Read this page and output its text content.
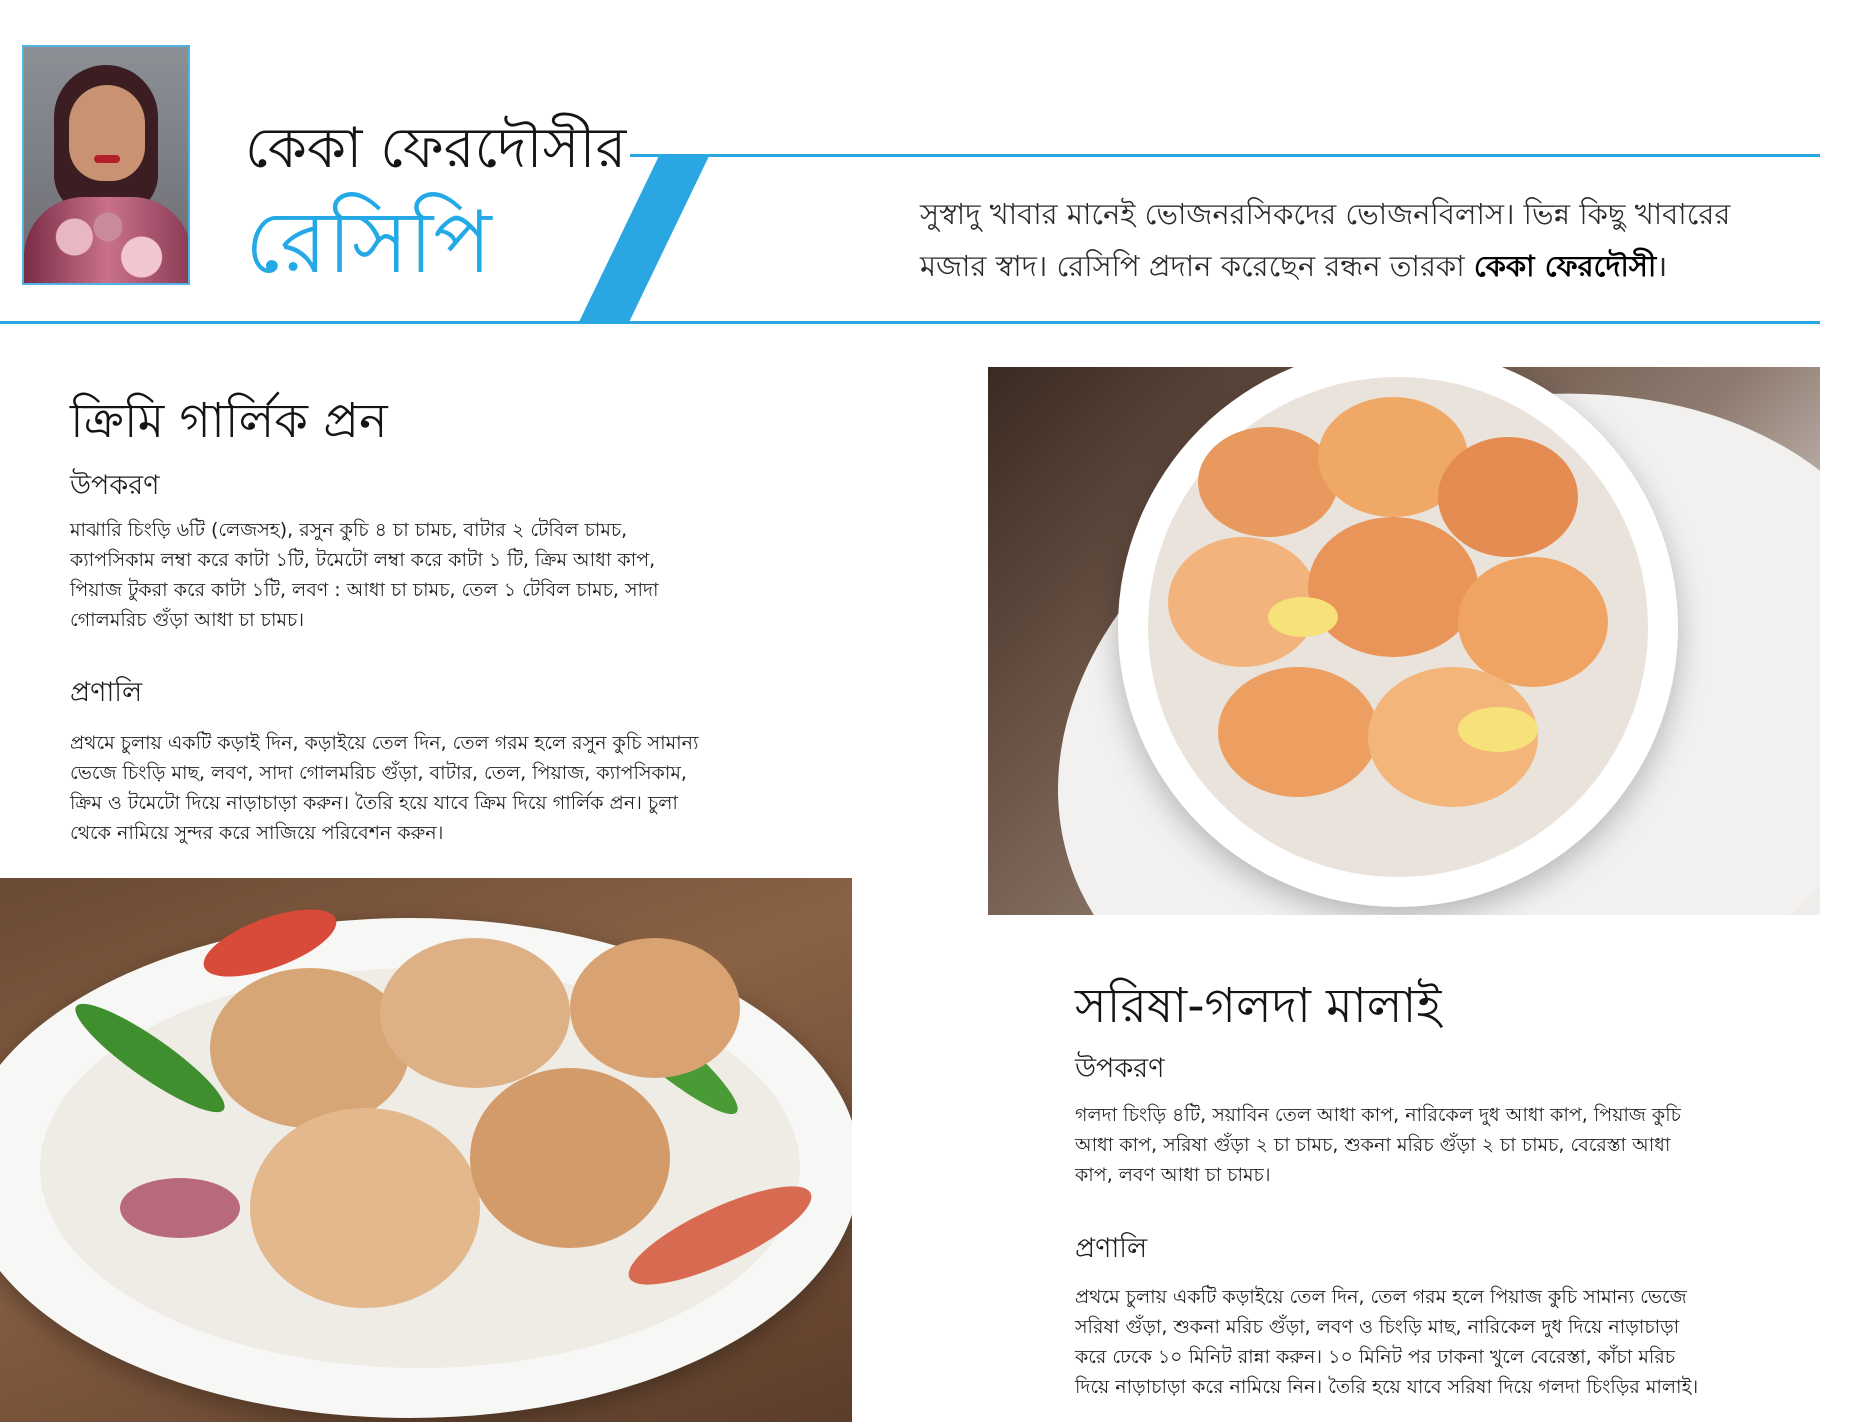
কেকা ফেরদৌসীর
রেসিপি	সুস্বাদু খাবার মানেই ভোজনরসিকদের ভোজনবিলাস। ভিন্ন কিছু খাবারের মজার স্বাদ। রেসিপি প্রদান করেছেন রন্ধন তারকা কেকা ফেরদৌসী।
ক্রিমি গার্লিক প্রন
উপকরণ
মাঝারি চিংড়ি ৬টি (লেজসহ), রসুন কুচি ৪ চা চামচ, বাটার ২ টেবিল চামচ, ক্যাপসিকাম লম্বা করে কাটা ১টি, টমেটো লম্বা করে কাটা ১ টি, ক্রিম আধা কাপ, পিয়াজ টুকরা করে কাটা ১টি, লবণ : আধা চা চামচ, তেল ১ টেবিল চামচ, সাদা গোলমরিচ গুঁড়া আধা চা চামচ।
প্রণালি
প্রথমে চুলায় একটি কড়াই দিন, কড়াইয়ে তেল দিন, তেল গরম হলে রসুন কুচি সামান্য ভেজে চিংড়ি মাছ, লবণ, সাদা গোলমরিচ গুঁড়া, বাটার, তেল, পিয়াজ, ক্যাপসিকাম, ক্রিম ও টমেটো দিয়ে নাড়াচাড়া করুন। তৈরি হয়ে যাবে ক্রিম দিয়ে গার্লিক প্রন। চুলা থেকে নামিয়ে সুন্দর করে সাজিয়ে পরিবেশন করুন।
সরিষা-গলদা মালাই
উপকরণ
গলদা চিংড়ি ৪টি, সয়াবিন তেল আধা কাপ, নারিকেল দুধ আধা কাপ, পিয়াজ কুচি আধা কাপ, সরিষা গুঁড়া ২ চা চামচ, শুকনা মরিচ গুঁড়া ২ চা চামচ, বেরেস্তা আধা কাপ, লবণ আধা চা চামচ।
প্রণালি
প্রথমে চুলায় একটি কড়াইয়ে তেল দিন, তেল গরম হলে পিয়াজ কুচি সামান্য ভেজে সরিষা গুঁড়া, শুকনা মরিচ গুঁড়া, লবণ ও চিংড়ি মাছ, নারিকেল দুধ দিয়ে নাড়াচাড়া করে ঢেকে ১০ মিনিট রান্না করুন। ১০ মিনিট পর ঢাকনা খুলে বেরেস্তা, কাঁচা মরিচ দিয়ে নাড়াচাড়া করে নামিয়ে নিন। তৈরি হয়ে যাবে সরিষা দিয়ে গলদা চিংড়ির মালাই।
